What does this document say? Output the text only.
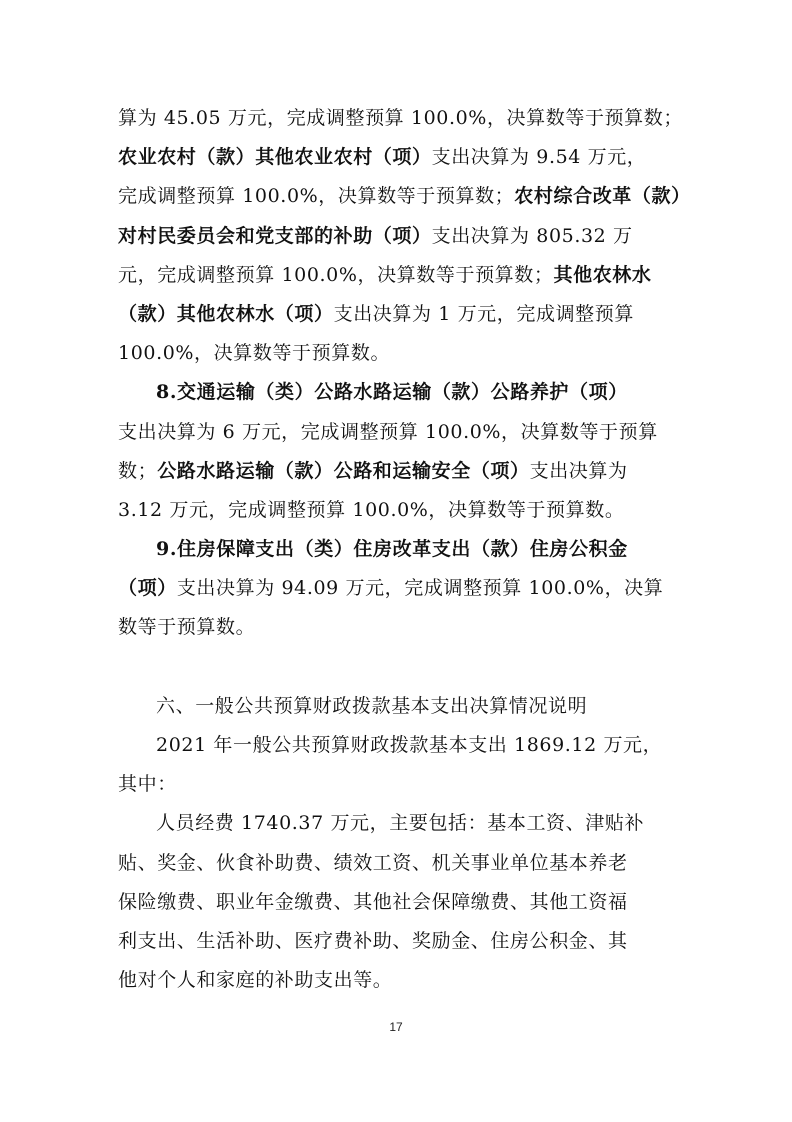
算为 45.05 万元，完成调整预算 100.0%，决算数等于预算数；
农业农村（款）其他农业农村（项）支出决算为 9.54 万元，
完成调整预算 100.0%，决算数等于预算数；农村综合改革（款）
对村民委员会和党支部的补助（项）支出决算为 805.32 万
元，完成调整预算 100.0%，决算数等于预算数；其他农林水
（款）其他农林水（项）支出决算为 1 万元，完成调整预算
100.0%，决算数等于预算数。
8.交通运输（类）公路水路运输（款）公路养护（项）
支出决算为 6 万元，完成调整预算 100.0%，决算数等于预算
数；公路水路运输（款）公路和运输安全（项）支出决算为
3.12 万元，完成调整预算 100.0%，决算数等于预算数。
9.住房保障支出（类）住房改革支出（款）住房公积金
（项）支出决算为 94.09 万元，完成调整预算 100.0%，决算
数等于预算数。
六、一般公共预算财政拨款基本支出决算情况说明
2021 年一般公共预算财政拨款基本支出 1869.12 万元，
其中：
人员经费 1740.37 万元，主要包括：基本工资、津贴补
贴、奖金、伙食补助费、绩效工资、机关事业单位基本养老
保险缴费、职业年金缴费、其他社会保障缴费、其他工资福
利支出、生活补助、医疗费补助、奖励金、住房公积金、其
他对个人和家庭的补助支出等。
17
